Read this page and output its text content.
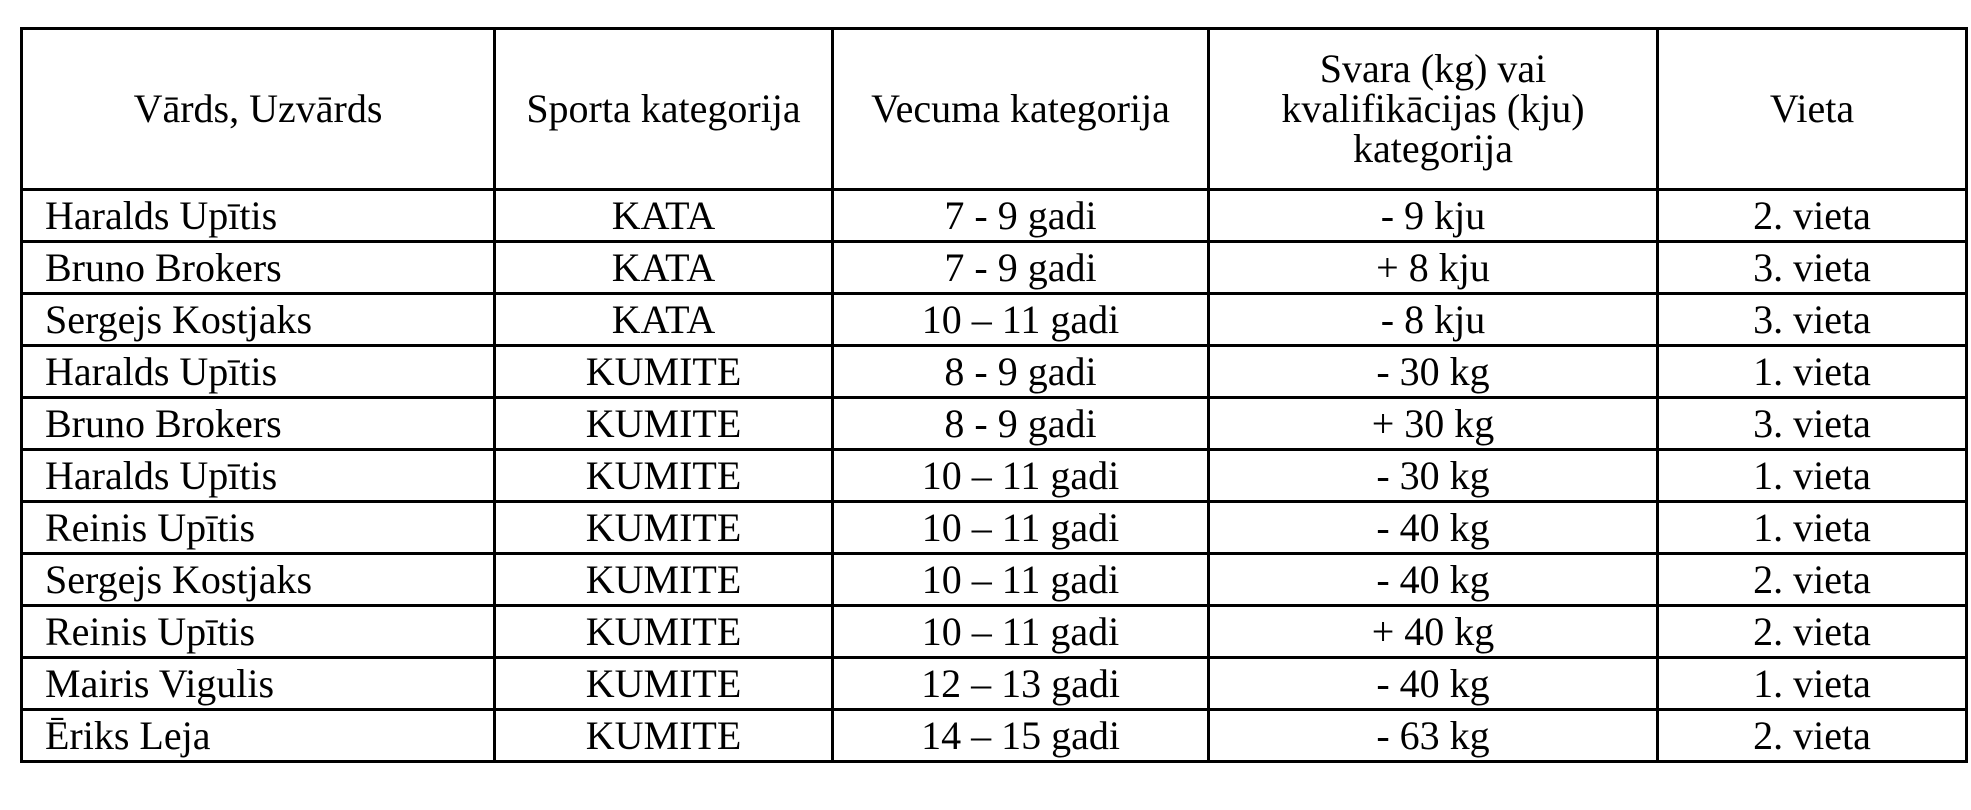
Vārds, Uzvārds	Sporta kategorija	Vecuma kategorija	Svara (kg) vai kvalifikācijas (kju) kategorija	Vieta
Haralds Upītis	KATA	7 - 9 gadi	- 9 kju	2. vieta
Bruno Brokers	KATA	7 - 9 gadi	+ 8 kju	3. vieta
Sergejs Kostjaks	KATA	10 – 11 gadi	- 8 kju	3. vieta
Haralds Upītis	KUMITE	8 - 9 gadi	- 30 kg	1. vieta
Bruno Brokers	KUMITE	8 - 9 gadi	+ 30 kg	3. vieta
Haralds Upītis	KUMITE	10 – 11 gadi	- 30 kg	1. vieta
Reinis Upītis	KUMITE	10 – 11 gadi	- 40 kg	1. vieta
Sergejs Kostjaks	KUMITE	10 – 11 gadi	- 40 kg	2. vieta
Reinis Upītis	KUMITE	10 – 11 gadi	+ 40 kg	2. vieta
Mairis Vigulis	KUMITE	12 – 13 gadi	- 40 kg	1. vieta
Ēriks Leja	KUMITE	14 – 15 gadi	- 63 kg	2. vieta
